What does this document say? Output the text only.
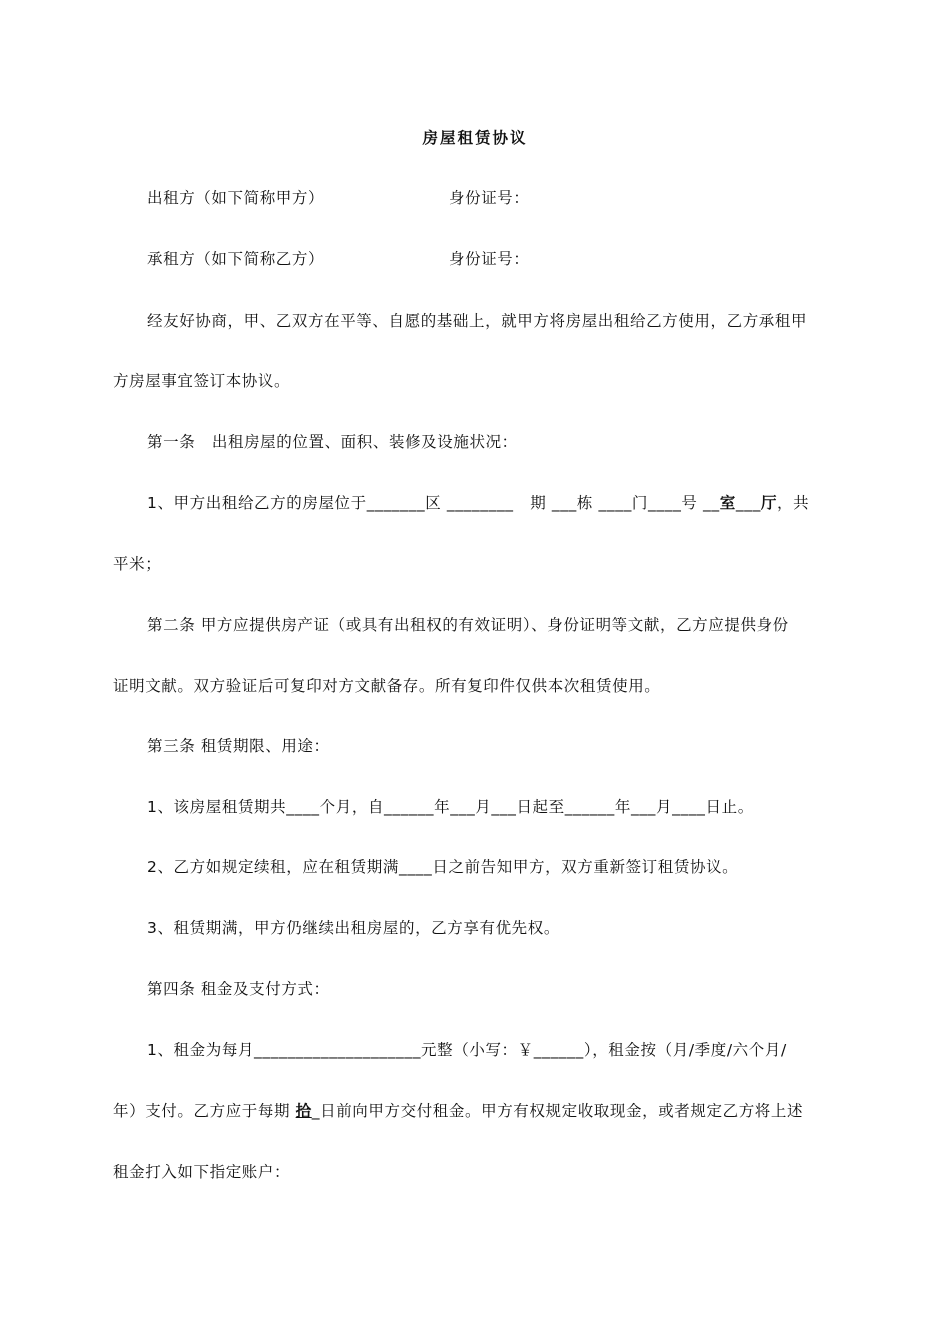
房屋租赁协议
出租方（如下简称甲方）	身份证号：
承租方（如下简称乙方）	身份证号：
经友好协商，甲、乙双方在平等、自愿的基础上，就甲方将房屋出租给乙方使用，乙方承租甲
方房屋事宜签订本协议。
第一条   出租房屋的位置、面积、装修及设施状况：
1、甲方出租给乙方的房屋位于_______区 ________   期 ___栋 ____门____号 __室___厅，共
平米；
第二条 甲方应提供房产证（或具有出租权的有效证明）、身份证明等文献，乙方应提供身份
证明文献。双方验证后可复印对方文献备存。所有复印件仅供本次租赁使用。
第三条 租赁期限、用途：
1、该房屋租赁期共____个月，自______年___月___日起至______年___月____日止。
2、乙方如规定续租，应在租赁期满____日之前告知甲方，双方重新签订租赁协议。
3、租赁期满，甲方仍继续出租房屋的，乙方享有优先权。
第四条 租金及支付方式：
1、租金为每月____________________元整（小写：￥______），租金按（月/季度/六个月/
年）支付。乙方应于每期 拾_日前向甲方交付租金。甲方有权规定收取现金，或者规定乙方将上述
租金打入如下指定账户：
